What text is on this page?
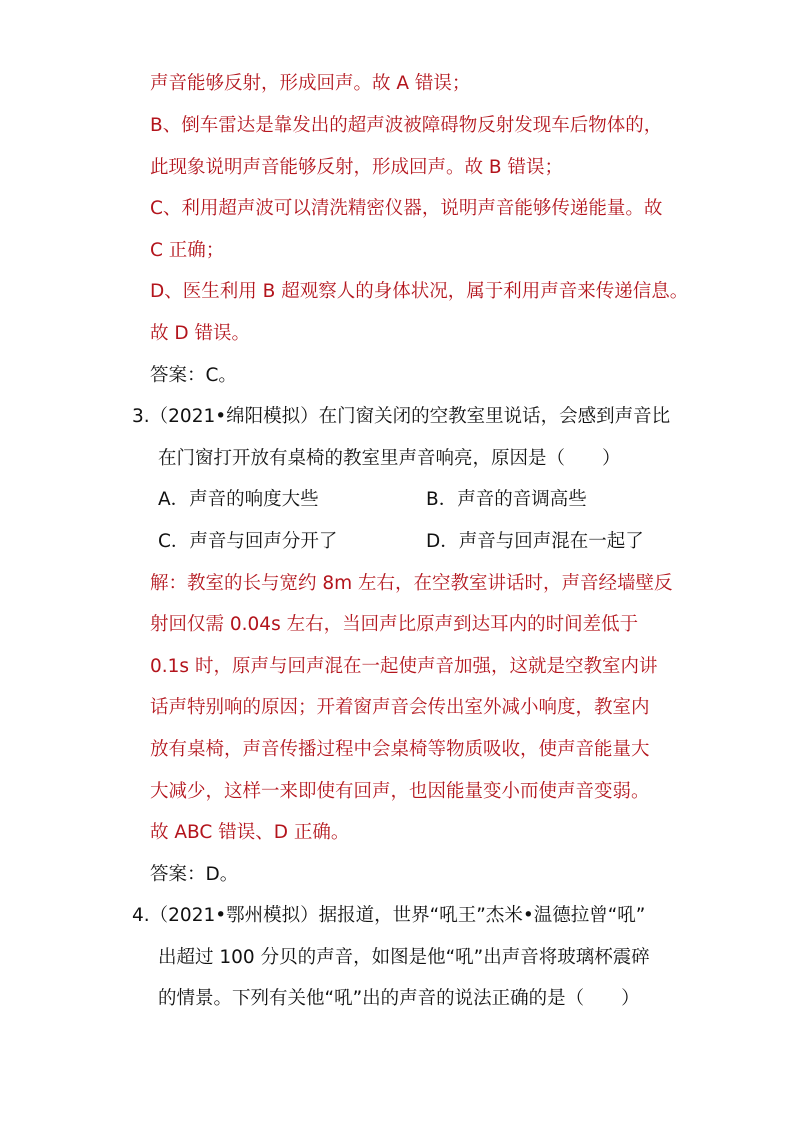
声音能够反射，形成回声。故 A 错误；
B、倒车雷达是靠发出的超声波被障碍物反射发现车后物体的，
此现象说明声音能够反射，形成回声。故 B 错误；
C、利用超声波可以清洗精密仪器，说明声音能够传递能量。故
C 正确；
D、医生利用 B 超观察人的身体状况，属于利用声音来传递信息。
故 D 错误。
答案：C。
3.（2021•绵阳模拟）在门窗关闭的空教室里说话，会感到声音比
在门窗打开放有桌椅的教室里声音响亮，原因是（　　）
A．声音的响度大些	B．声音的音调高些
C．声音与回声分开了	D．声音与回声混在一起了
解：教室的长与宽约 8m 左右，在空教室讲话时，声音经墙壁反
射回仅需 0.04s 左右，当回声比原声到达耳内的时间差低于
0.1s 时，原声与回声混在一起使声音加强，这就是空教室内讲
话声特别响的原因；开着窗声音会传出室外减小响度，教室内
放有桌椅，声音传播过程中会桌椅等物质吸收，使声音能量大
大减少，这样一来即使有回声，也因能量变小而使声音变弱。
故 ABC 错误、D 正确。
答案：D。
4.（2021•鄂州模拟）据报道，世界“吼王”杰米•温德拉曾“吼”
出超过 100 分贝的声音，如图是他“吼”出声音将玻璃杯震碎
的情景。下列有关他“吼”出的声音的说法正确的是（　　）
